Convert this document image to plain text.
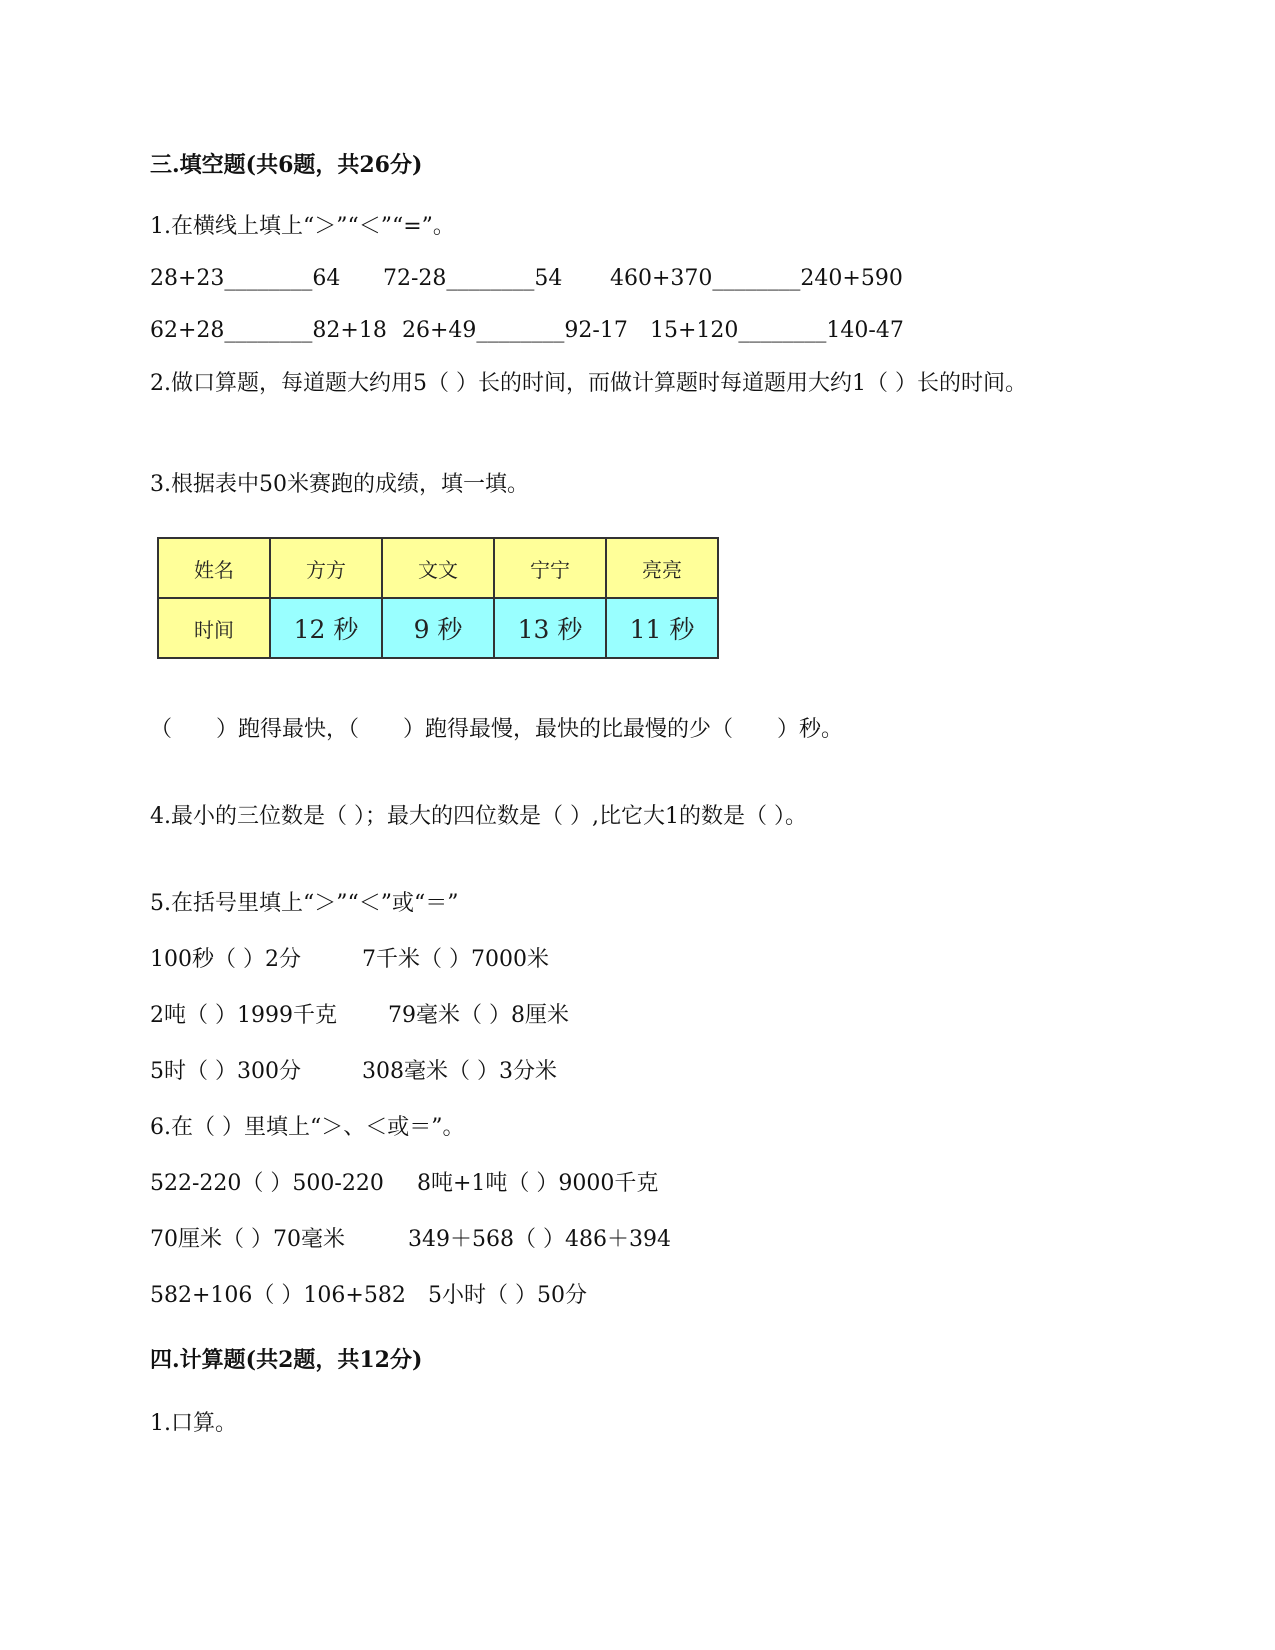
三.填空题(共6题，共26分)
1.在横线上填上“＞”“＜”“=”。
28+23________64 72-28________54 460+370________240+590
62+28________82+18 26+49________92-17 15+120________140-47
2.做口算题，每道题大约用5（ ）长的时间，而做计算题时每道题用大约1（ ）长的时间。
3.根据表中50米赛跑的成绩，填一填。
姓名	方方	文文	宁宁	亮亮
时间	12 秒	9 秒	13 秒	11 秒
（　　）跑得最快，（　　）跑得最慢，最快的比最慢的少（　　）秒。
4.最小的三位数是（ ）；最大的四位数是（ ）,比它大1的数是（ ）。
5.在括号里填上“＞”“＜”或“＝”
100秒（ ）2分	7千米（ ）7000米
2吨（ ）1999千克 79毫米（ ）8厘米
5时（ ）300分	308毫米（ ）3分米
6.在（ ）里填上“＞、＜或＝”。
522-220（ ）500-220 8吨+1吨（ ）9000千克
70厘米（ ）70毫米	349＋568（ ）486＋394
582+106（ ）106+582 5小时（ ）50分
四.计算题(共2题，共12分)
1.口算。
